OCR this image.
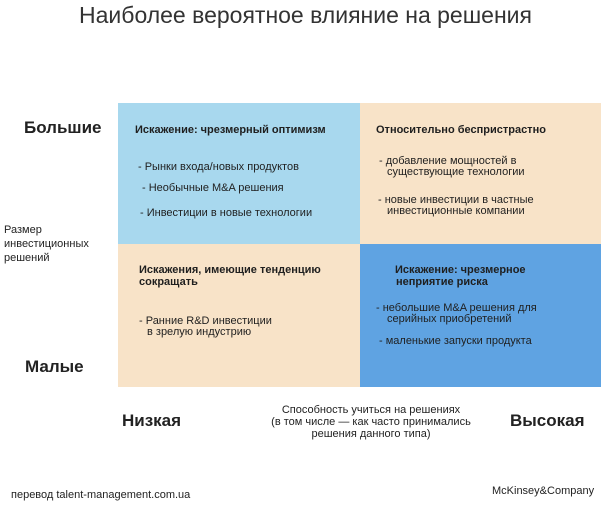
Наиболее вероятное влияние на решения
Большие
Размер
инвестиционных
решений
Малые
Искажение: чрезмерный оптимизм
- Рынки входа/новых продуктов
- Необычные M&A решения
- Инвестиции в новые технологии
Относительно беспристрастно
- добавление мощностей в
существующие технологии
- новые инвестиции в частные
инвестиционные компании
Искажения, имеющие тенденцию
сокращать
- Ранние R&D инвестиции
в зрелую индустрию
Искажение: чрезмерное
неприятие риска
- небольшие M&A решения для
серийных приобретений
- маленькие запуски продукта
Низкая
Способность учиться на решениях
(в том числе — как часто принимались
решения данного типа)
Высокая
перевод talent-management.com.ua	McKinsey&Company
